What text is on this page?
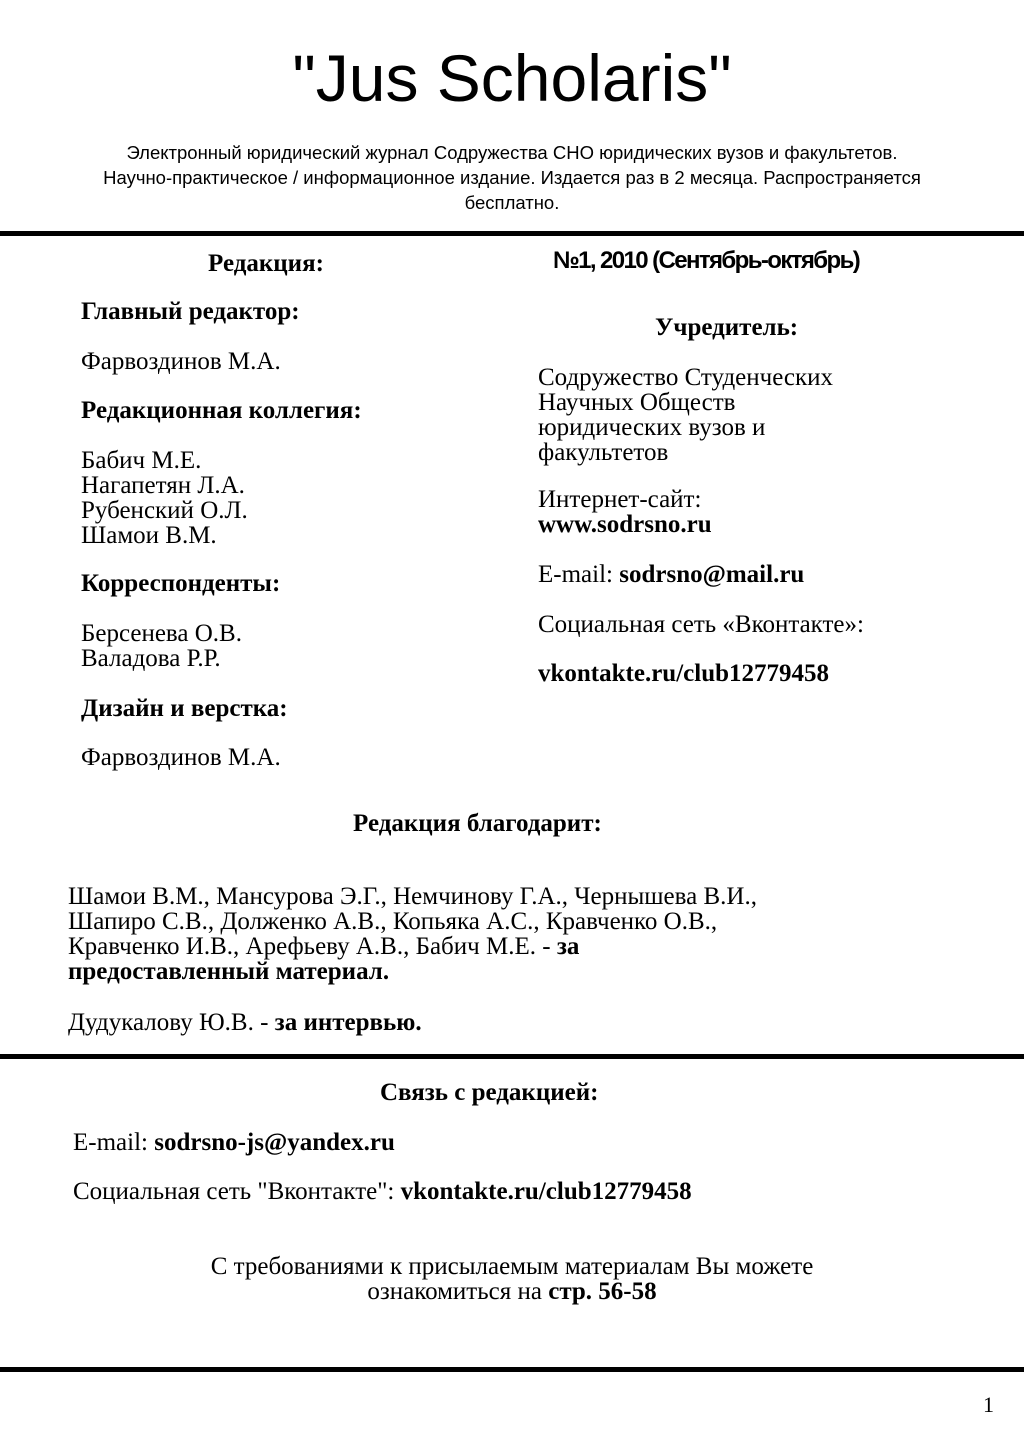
"Jus Scholaris"
Электронный юридический журнал Содружества СНО юридических вузов и факультетов.
Научно-практическое / информационное издание. Издается раз в 2 месяца. Распространяется
бесплатно.
Редакция:
Главный редактор:
Фарвоздинов М.А.
Редакционная коллегия:
Бабич М.Е.
Нагапетян Л.А.
Рубенский О.Л.
Шамои В.М.
Корреспонденты:
Берсенева О.В.
Валадова Р.Р.
Дизайн и верстка:
Фарвоздинов М.А.
№1, 2010 (Сентябрь-октябрь)
Учредитель:
Содружество Студенческих
Научных Обществ
юридических вузов и
факультетов
Интернет-сайт:
www.sodrsno.ru
E-mail: sodrsno@mail.ru
Социальная сеть «Вконтакте»:
vkontakte.ru/club12779458
Редакция благодарит:
Шамои В.М., Мансурова Э.Г., Немчинову Г.А., Чернышева В.И.,
Шапиро С.В., Долженко А.В., Копьяка А.С., Кравченко О.В.,
Кравченко И.В., Арефьеву А.В., Бабич М.Е. - за
предоставленный материал.
Дудукалову Ю.В. - за интервью.
Связь с редакцией:
E-mail: sodrsno-js@yandex.ru
Социальная сеть "Вконтакте": vkontakte.ru/club12779458
С требованиями к присылаемым материалам Вы можете
ознакомиться на стр. 56-58
1
